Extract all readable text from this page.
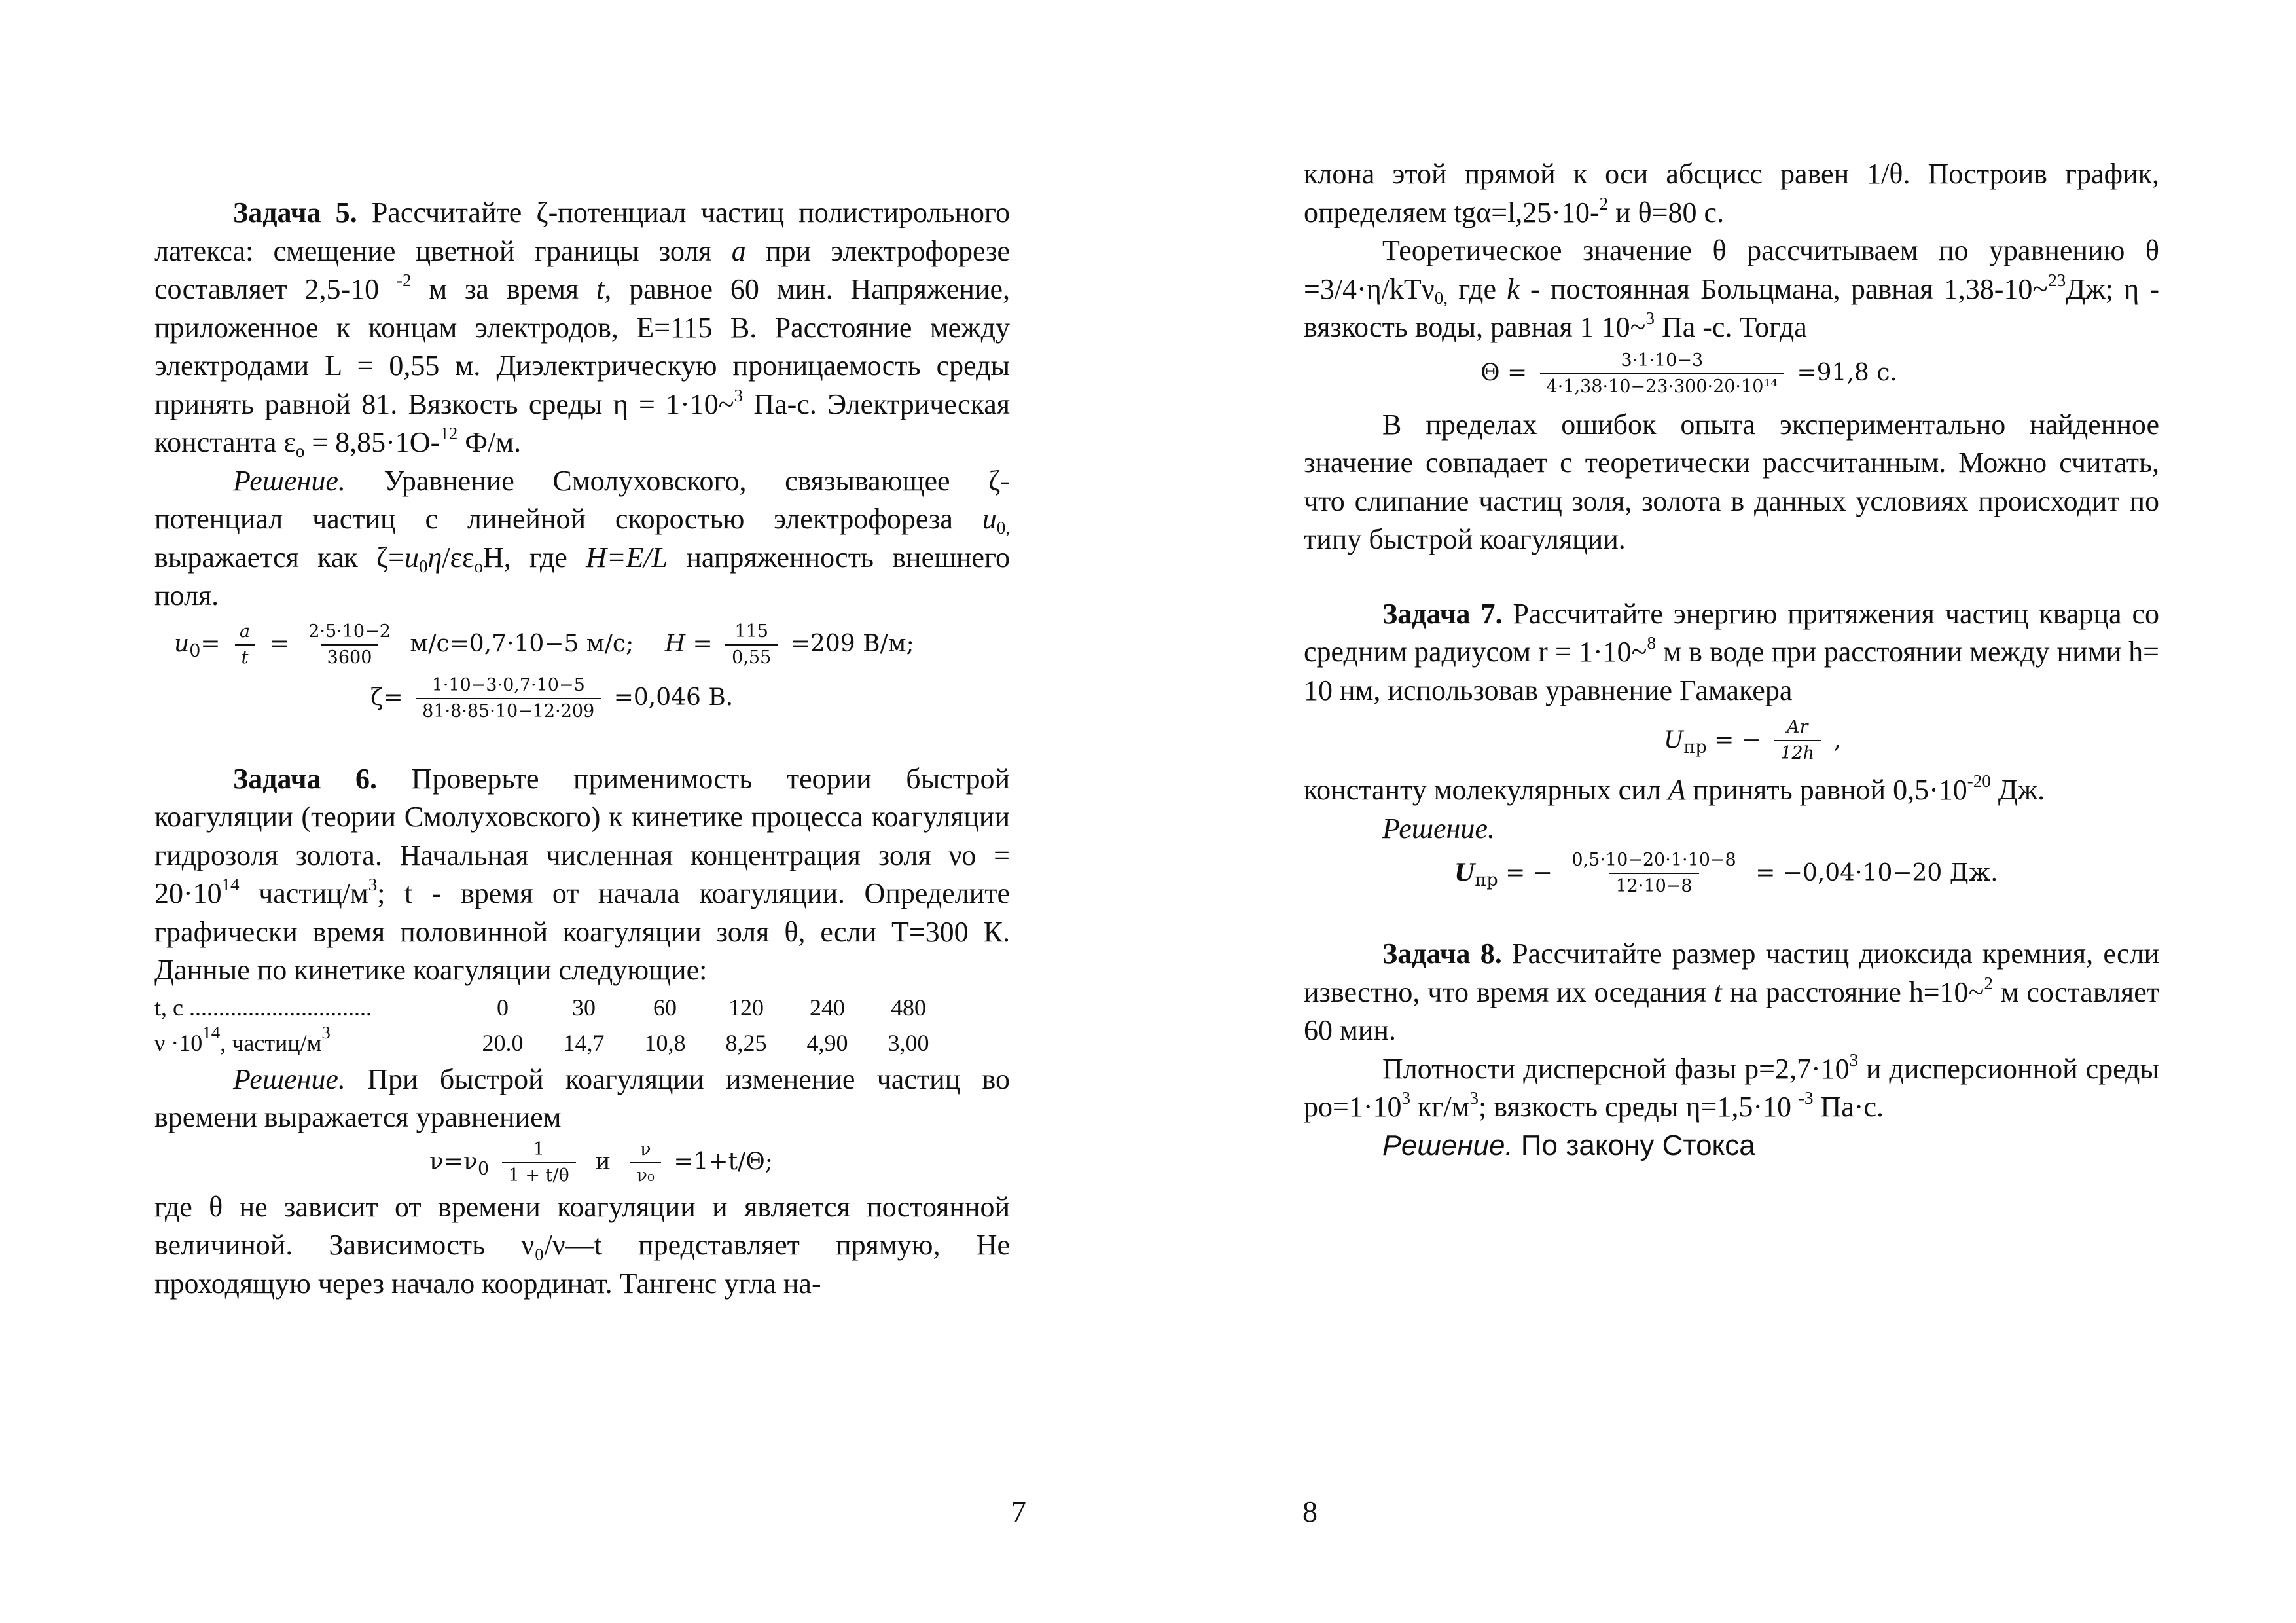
Задача 5. Рассчитайте ζ-потенциал частиц полистирольного латекса: смещение цветной границы золя a при электрофорезе составляет 2,5-10 $^{-2}$ м за время t, равное 60 мин. Напряжение, приложенное к концам электродов, E=115 В. Расстояние между электродами L = 0,55 м. Диэлектрическую проницаемость среды принять равной 81. Вязкость среды η = 1·10~$^3$ Па-с. Электрическая константа $\varepsilon_o = 8,85\cdot 1О-^{12}$ Ф/м.

Решение. Уравнение Смолуховского, связывающее ζ-потенциал частиц с линейной скоростью электрофореза $u_{0,}$ выражается как $\zeta=u_0\eta/\varepsilon\varepsilon_oH$, где H=E/L напряженность внешнего поля.

$u_0= \frac{a}{t} = \frac{2\cdot 5\cdot 10-2}{3600} м/с=0,7\cdot 10-5$ м/с; $H = \frac{115}{0,55} =209$ В/м;
$\zeta= \frac{1\cdot 10-3\cdot 0,7\cdot 10-5}{81\cdot 8\cdot 85\cdot 10-12\cdot 209} =0,046$ В.

Задача 6. Проверьте применимость теории быстрой коагуляции (теории Смолуховского) к кинетике процесса коагуляции гидрозоля золота. Начальная численная концентрация золя $\nu о = 20\cdot 10^{14}$ частиц/$м^3$; t - время от начала коагуляции. Определите графически время половинной коагуляции золя θ, если Т=300 К. Данные по кинетике коагуляции следующие:

t, с ...............................	0	30	60	120	240	480
$\nu \cdot 10^{14}$, частиц/$м^3$	20.0	14,7	10,8	8,25	4,90	3,00

Решение. При быстрой коагуляции изменение частиц во времени выражается уравнением

$\nu=\nu_0 \frac{1}{1 + t/\theta}$ и $\frac{\nu}{\text{ν₀}} =1+t/\Theta$;

где θ не зависит от времени коагуляции и является постоянной величиной. Зависимость ν₀/ν—t представляет прямую, Не проходящую через начало координат. Тангенс угла на-

7

клона этой прямой к оси абсцисс равен 1/θ. Построив график, определяем tgα=l,25·10-$^2$ и θ=80 с.

Теоретическое значение θ рассчитываем по уравнению θ =3/4·η/kTν$_{0,}$ где k - постоянная Больцмана, равная 1,38-10~$^{23}$Дж; η - вязкость воды, равная 1 10~$^3$ Па -с. Тогда

$\Theta = \frac{3\cdot 1\cdot 10-3}{\text{4·1,38·10−23·300·20·10¹⁴}} =91,8$ с.

В пределах ошибок опыта экспериментально найденное значение совпадает с теоретически рассчитанным. Можно считать, что слипание частиц золя, золота в данных условиях происходит по типу быстрой коагуляции.

Задача 7. Рассчитайте энергию притяжения частиц кварца со средним радиусом r = 1·10~$^8$ м в воде при расстоянии между ними h= 10 нм, использовав уравнение Гамакера

$U_{пр}$ = − $\frac{Ar}{12h}$ ,

константу молекулярных сил A принять равной $0,5\cdot 10^{-20}$ Дж.

Решение.

$U_{пр}$ = − $\frac{0,5\cdot 10-20\cdot 1\cdot 10-8}{12\cdot 10-8} = -0,04\cdot 10-20$ Дж.

Задача 8. Рассчитайте размер частиц диоксида кремния, если известно, что время их оседания t на расстояние h=10~$^2$ м составляет 60 мин.

Плотности дисперсной фазы $р=2,7\cdot 10^3$ и дисперсионной среды $ро=1\cdot 10^3$ $кг/м^3$; вязкость среды η=1,5·10 $^{-3}$ Па·с.

Решение. По закону Стокса

8
